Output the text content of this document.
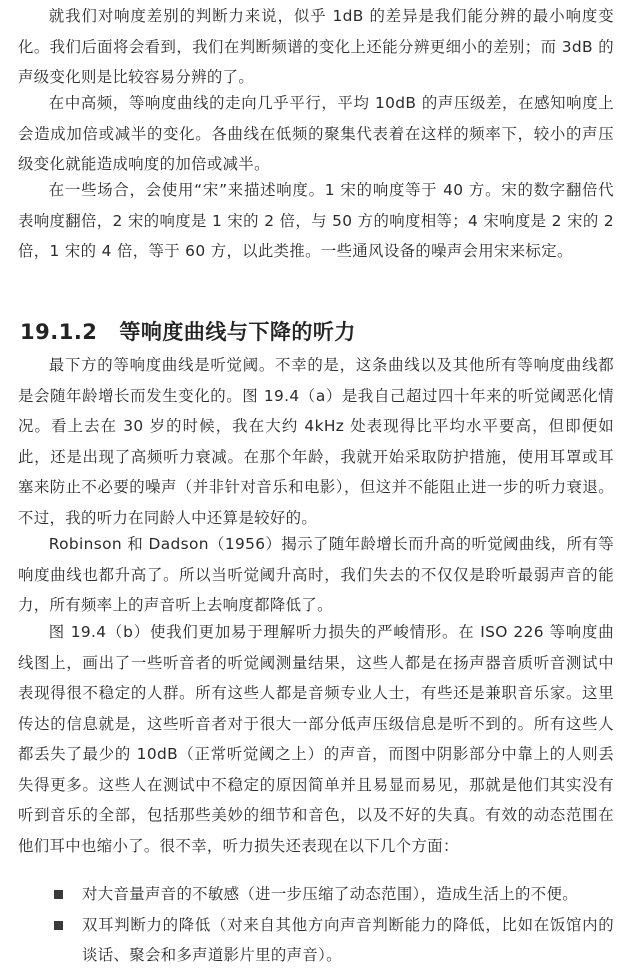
就我们对响度差别的判断力来说，似乎 1dB 的差异是我们能分辨的最小响度变化。我们后面将会看到，我们在判断频谱的变化上还能分辨更细小的差别；而 3dB 的声级变化则是比较容易分辨的了。

在中高频，等响度曲线的走向几乎平行，平均 10dB 的声压级差，在感知响度上会造成加倍或减半的变化。各曲线在低频的聚集代表着在这样的频率下，较小的声压级变化就能造成响度的加倍或减半。

在一些场合，会使用“宋”来描述响度。1 宋的响度等于 40 方。宋的数字翻倍代表响度翻倍，2 宋的响度是 1 宋的 2 倍，与 50 方的响度相等；4 宋响度是 2 宋的 2 倍，1 宋的 4 倍，等于 60 方，以此类推。一些通风设备的噪声会用宋来标定。

19.1.2 等响度曲线与下降的听力

最下方的等响度曲线是听觉阈。不幸的是，这条曲线以及其他所有等响度曲线都是会随年龄增长而发生变化的。图 19.4（a）是我自己超过四十年来的听觉阈恶化情况。看上去在 30 岁的时候，我在大约 4kHz 处表现得比平均水平要高，但即便如此，还是出现了高频听力衰减。在那个年龄，我就开始采取防护措施，使用耳罩或耳塞来防止不必要的噪声（并非针对音乐和电影），但这并不能阻止进一步的听力衰退。不过，我的听力在同龄人中还算是较好的。

Robinson 和 Dadson（1956）揭示了随年龄增长而升高的听觉阈曲线，所有等响度曲线也都升高了。所以当听觉阈升高时，我们失去的不仅仅是聆听最弱声音的能力，所有频率上的声音听上去响度都降低了。

图 19.4（b）使我们更加易于理解听力损失的严峻情形。在 ISO 226 等响度曲线图上，画出了一些听音者的听觉阈测量结果，这些人都是在扬声器音质听音测试中表现得很不稳定的人群。所有这些人都是音频专业人士，有些还是兼职音乐家。这里传达的信息就是，这些听音者对于很大一部分低声压级信息是听不到的。所有这些人都丢失了最少的 10dB（正常听觉阈之上）的声音，而图中阴影部分中靠上的人则丢失得更多。这些人在测试中不稳定的原因简单并且易显而易见，那就是他们其实没有听到音乐的全部，包括那些美妙的细节和音色，以及不好的失真。有效的动态范围在他们耳中也缩小了。很不幸，听力损失还表现在以下几个方面：

对大音量声音的不敏感（进一步压缩了动态范围），造成生活上的不便。
双耳判断力的降低（对来自其他方向声音判断能力的降低，比如在饭馆内的谈话、聚会和多声道影片里的声音）。
